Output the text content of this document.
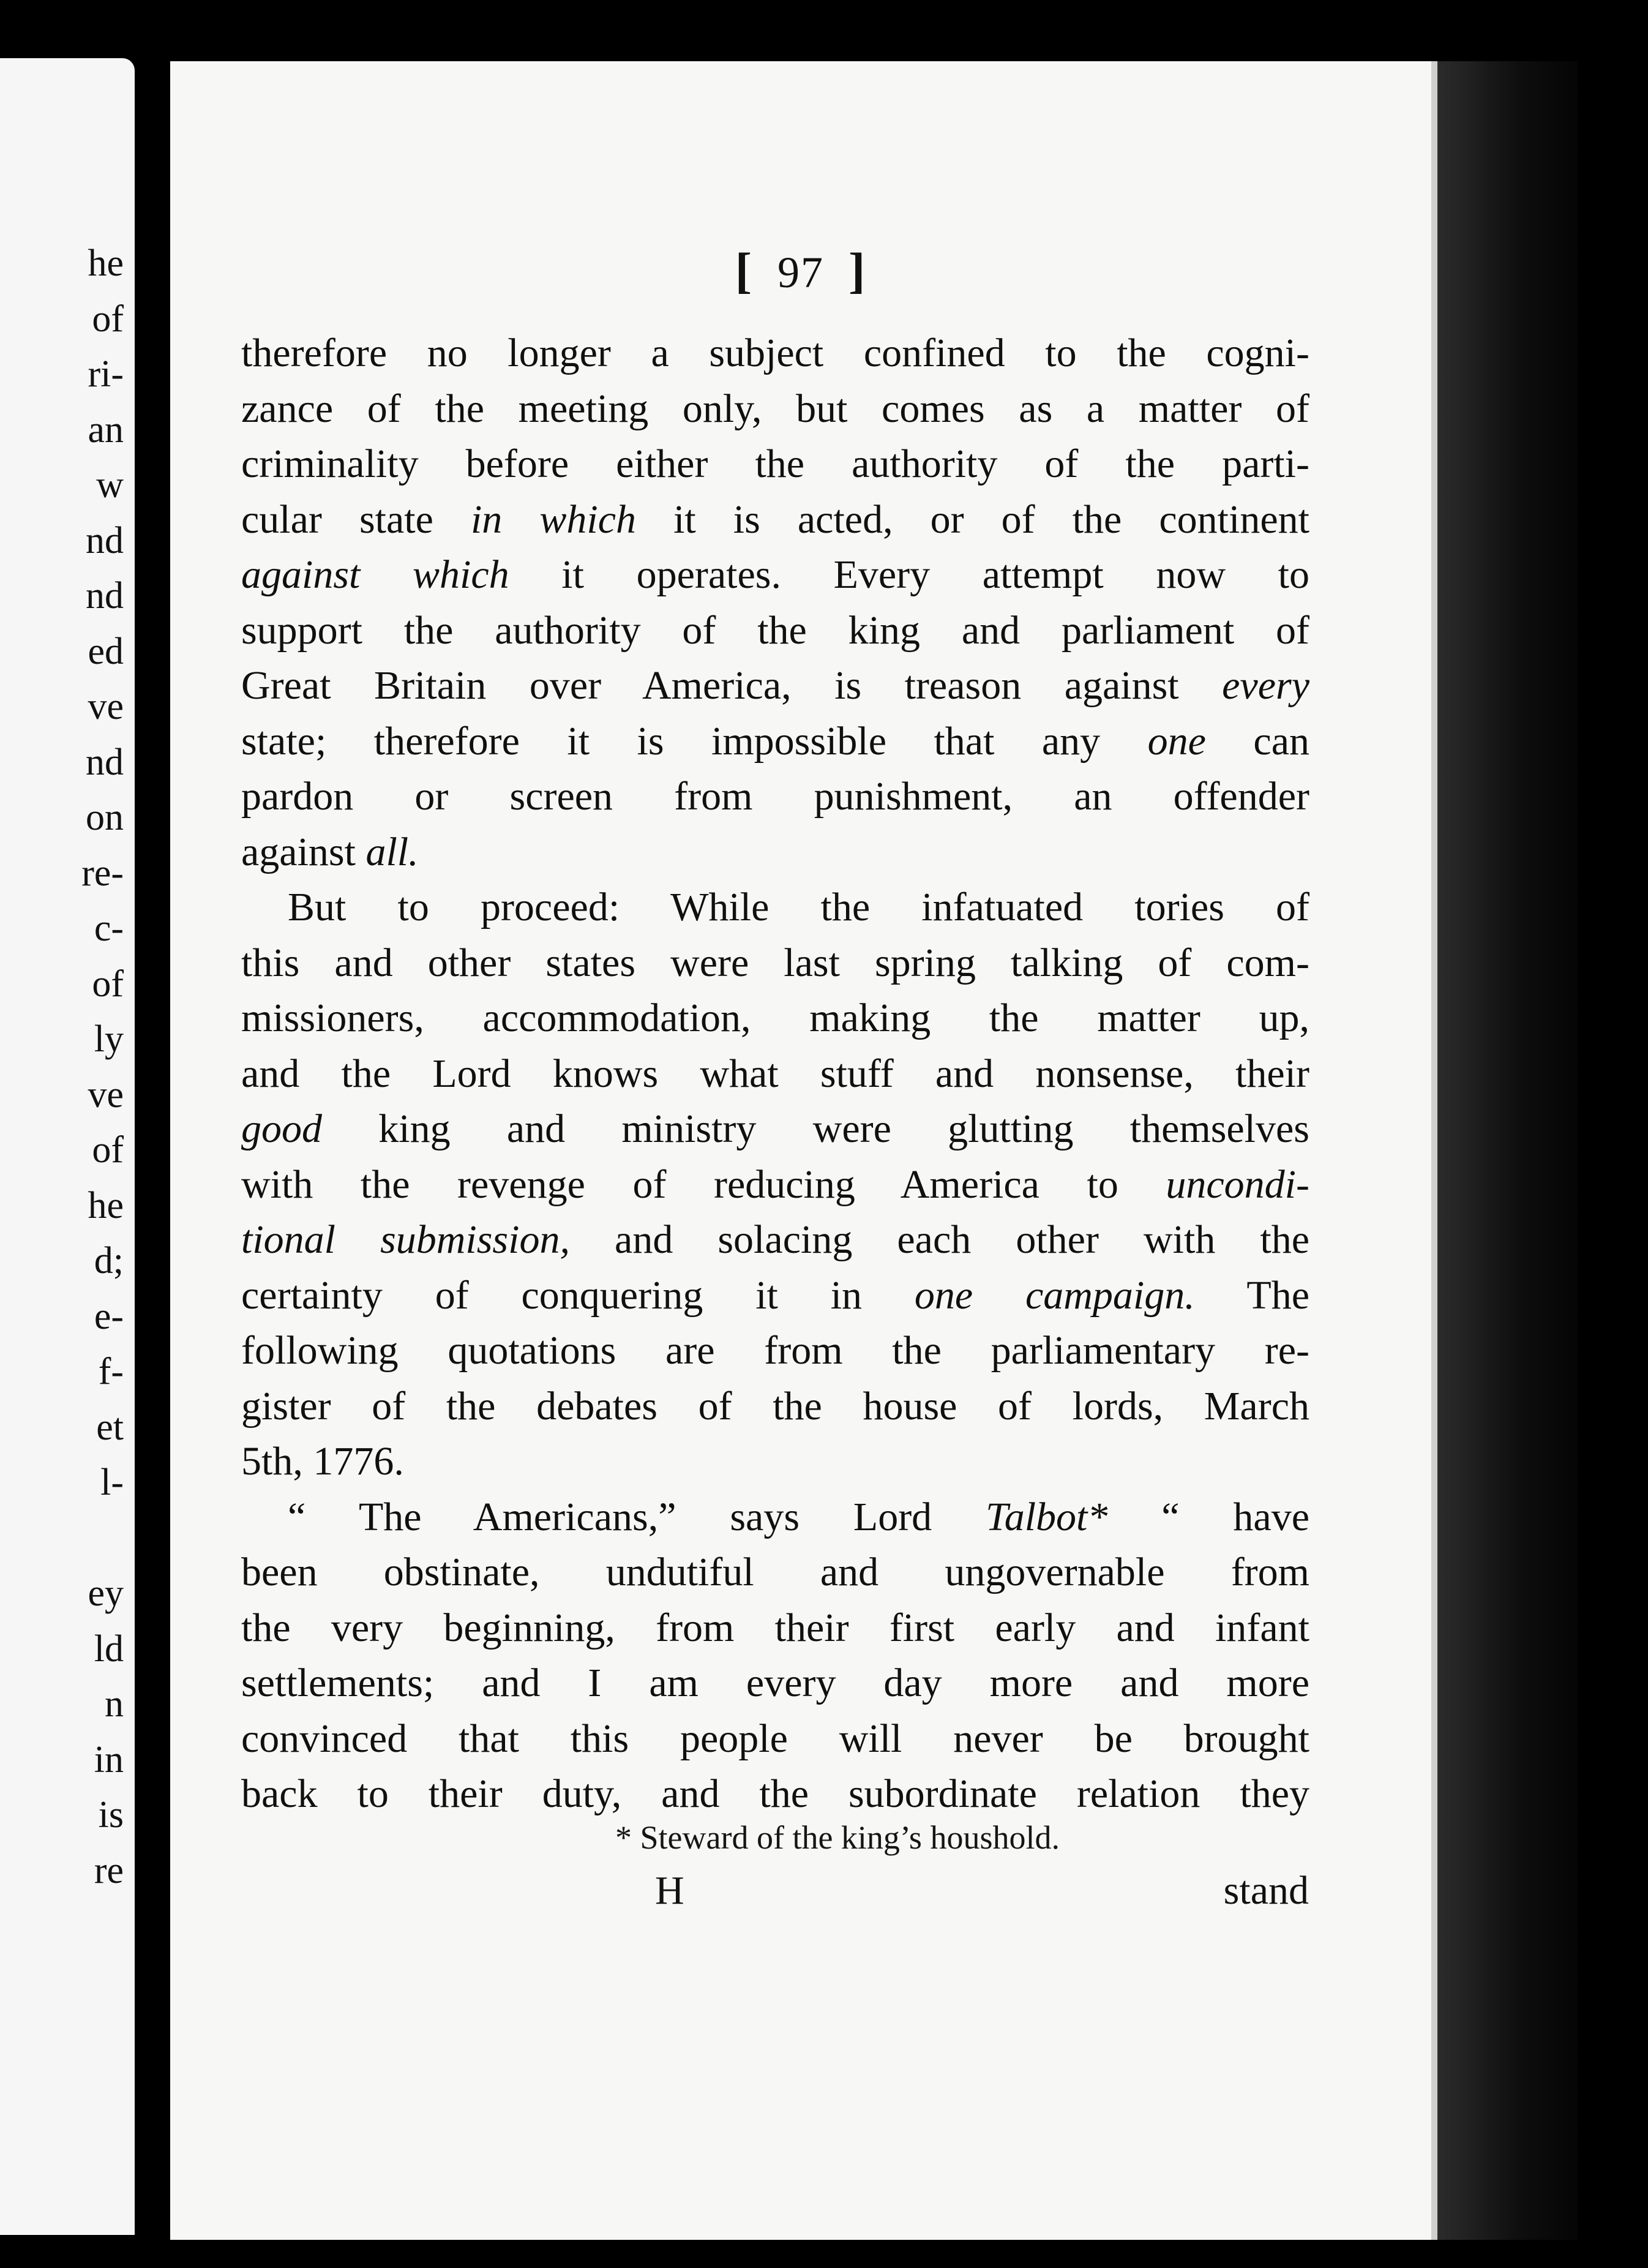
he
of
ri-
an
w
nd
nd
ed
ve
nd
on
re-
c-
of
ly
ve
of
he
d;
e-
f-
et
l-
ey
ld
n
in
is
re
[ 97 ]
therefore no longer a subject confined to the cogni-
zance of the meeting only, but comes as a matter of
criminality before either the authority of the parti-
cular state in which it is acted, or of the continent
against which it operates. Every attempt now to
support the authority of the king and parliament of
Great Britain over America, is treason against every
state; therefore it is impossible that any one can
pardon or screen from punishment, an offender
against all.
But to proceed: While the infatuated tories of
this and other states were last spring talking of com-
missioners, accommodation, making the matter up,
and the Lord knows what stuff and nonsense, their
good king and ministry were glutting themselves
with the revenge of reducing America to uncondi-
tional submission, and solacing each other with the
certainty of conquering it in one campaign. The
following quotations are from the parliamentary re-
gister of the debates of the house of lords, March
5th, 1776.
“ The Americans,” says Lord Talbot* “ have
been obstinate, undutiful and ungovernable from
the very beginning, from their first early and infant
settlements; and I am every day more and more
convinced that this people will never be brought
back to their duty, and the subordinate relation they
* Steward of the king’s houshold.
H	stand
